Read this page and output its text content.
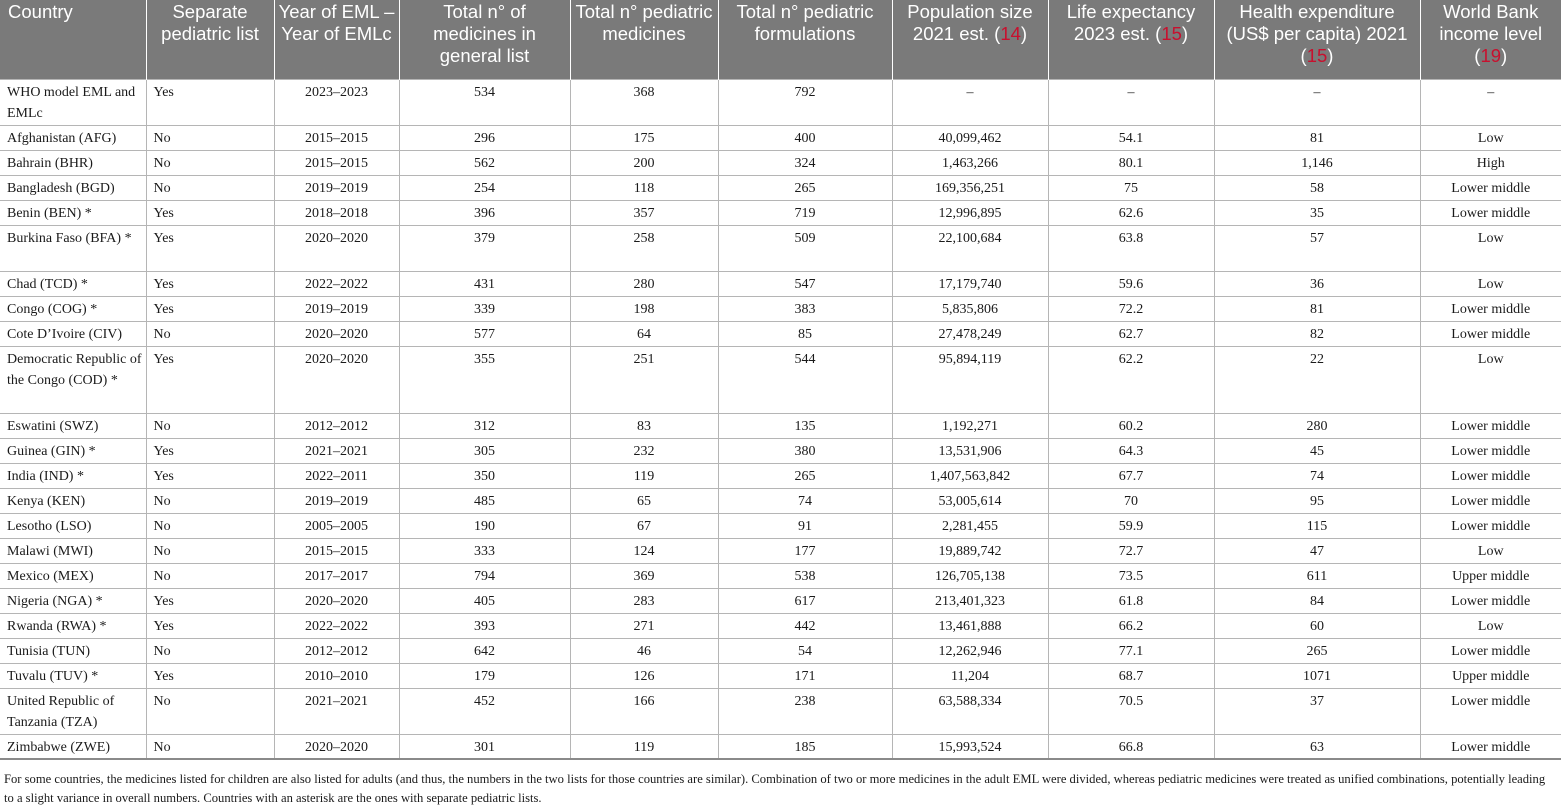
Country	Separate pediatric list	Year of EML – Year of EMLc	Total n° of medicines in general list	Total n° pediatric medicines	Total n° pediatric formulations	Population size 2021 est. (14)	Life expectancy 2023 est. (15)	Health expenditure (US$ per capita) 2021 (15)	World Bank income level (19)
WHO model EML and EMLc	Yes	2023–2023	534	368	792	–	–	–	–
Afghanistan (AFG)	No	2015–2015	296	175	400	40,099,462	54.1	81	Low
Bahrain (BHR)	No	2015–2015	562	200	324	1,463,266	80.1	1,146	High
Bangladesh (BGD)	No	2019–2019	254	118	265	169,356,251	75	58	Lower middle
Benin (BEN) *	Yes	2018–2018	396	357	719	12,996,895	62.6	35	Lower middle
Burkina Faso (BFA) *	Yes	2020–2020	379	258	509	22,100,684	63.8	57	Low
Chad (TCD) *	Yes	2022–2022	431	280	547	17,179,740	59.6	36	Low
Congo (COG) *	Yes	2019–2019	339	198	383	5,835,806	72.2	81	Lower middle
Cote D’Ivoire (CIV)	No	2020–2020	577	64	85	27,478,249	62.7	82	Lower middle
Democratic Republic of the Congo (COD) *	Yes	2020–2020	355	251	544	95,894,119	62.2	22	Low
Eswatini (SWZ)	No	2012–2012	312	83	135	1,192,271	60.2	280	Lower middle
Guinea (GIN) *	Yes	2021–2021	305	232	380	13,531,906	64.3	45	Lower middle
India (IND) *	Yes	2022–2011	350	119	265	1,407,563,842	67.7	74	Lower middle
Kenya (KEN)	No	2019–2019	485	65	74	53,005,614	70	95	Lower middle
Lesotho (LSO)	No	2005–2005	190	67	91	2,281,455	59.9	115	Lower middle
Malawi (MWI)	No	2015–2015	333	124	177	19,889,742	72.7	47	Low
Mexico (MEX)	No	2017–2017	794	369	538	126,705,138	73.5	611	Upper middle
Nigeria (NGA) *	Yes	2020–2020	405	283	617	213,401,323	61.8	84	Lower middle
Rwanda (RWA) *	Yes	2022–2022	393	271	442	13,461,888	66.2	60	Low
Tunisia (TUN)	No	2012–2012	642	46	54	12,262,946	77.1	265	Lower middle
Tuvalu (TUV) *	Yes	2010–2010	179	126	171	11,204	68.7	1071	Upper middle
United Republic of Tanzania (TZA)	No	2021–2021	452	166	238	63,588,334	70.5	37	Lower middle
Zimbabwe (ZWE)	No	2020–2020	301	119	185	15,993,524	66.8	63	Lower middle

For some countries, the medicines listed for children are also listed for adults (and thus, the numbers in the two lists for those countries are similar). Combination of two or more medicines in the adult EML were divided, whereas pediatric medicines were treated as unified combinations, potentially leading to a slight variance in overall numbers. Countries with an asterisk are the ones with separate pediatric lists.
